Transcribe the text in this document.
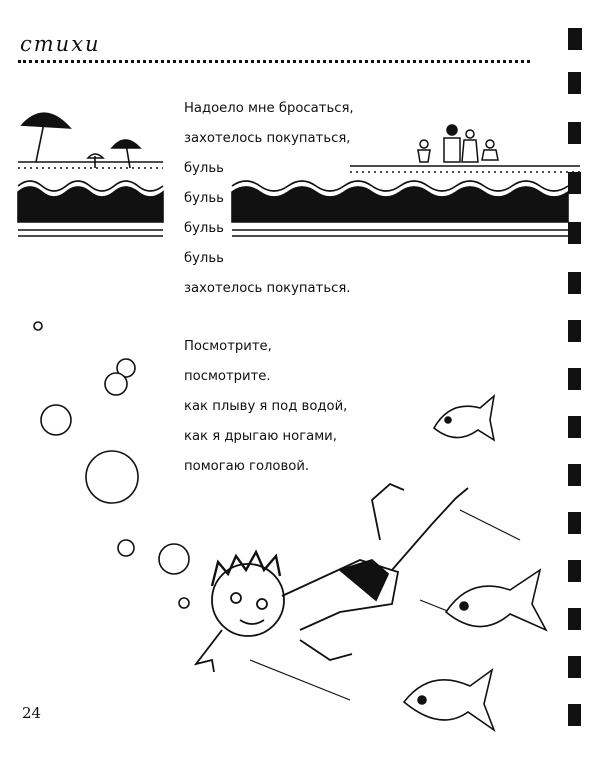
стихи
Надоело мне бросаться,
захотелось покупаться,
бульь
бульь
бульь
бульь
захотелось покупаться.
Посмотрите,
посмотрите.
как плыву я под водой,
как я дрыгаю ногами,
помогаю головой.
24
